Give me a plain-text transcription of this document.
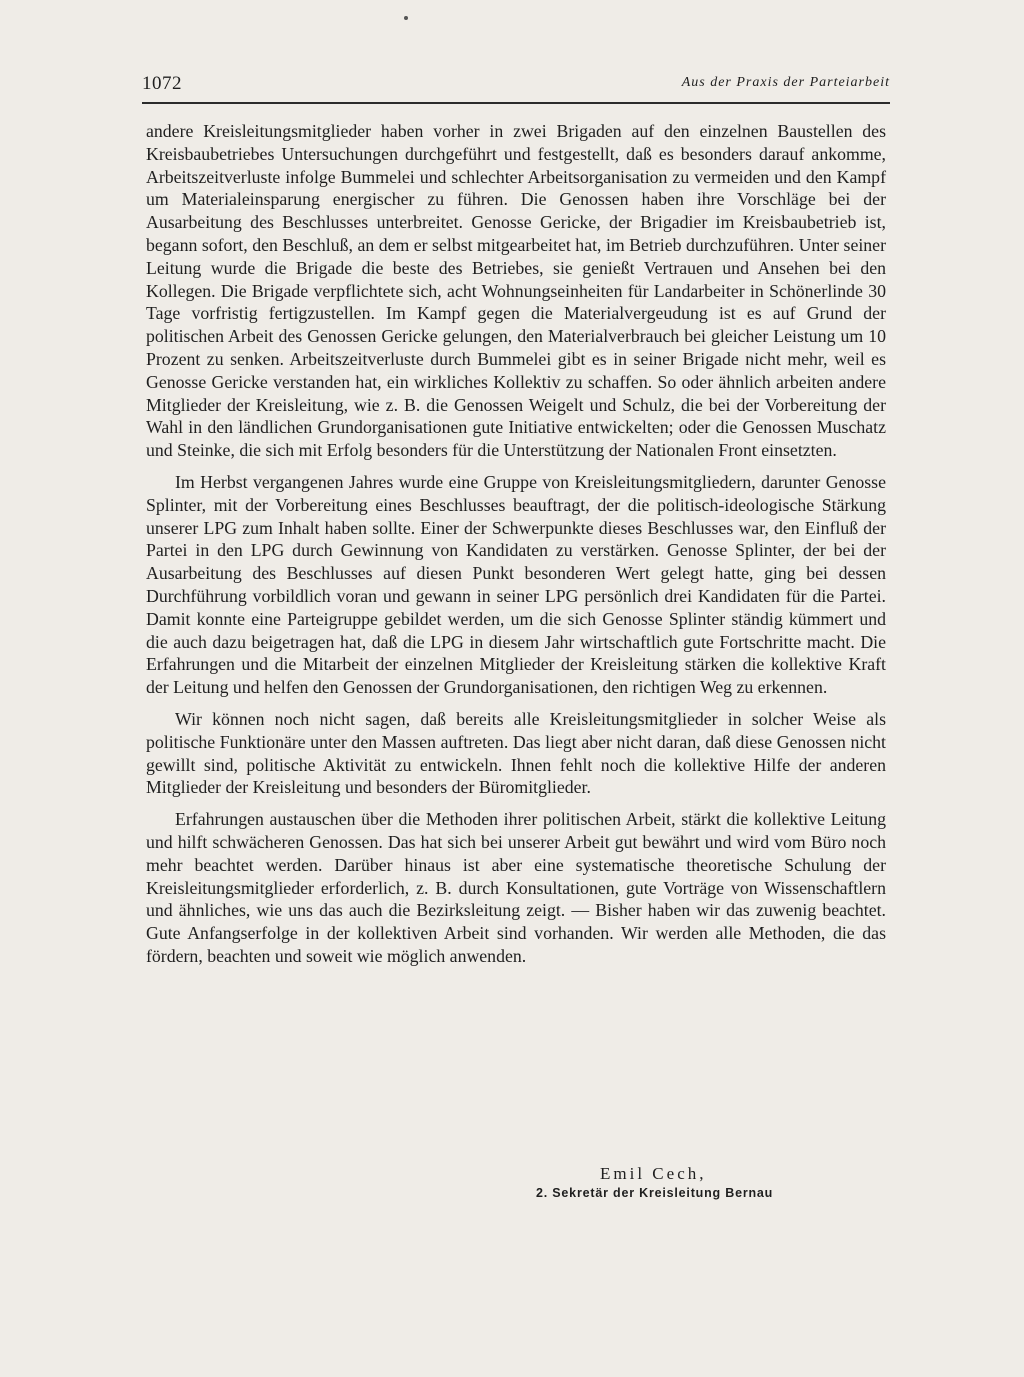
1072	Aus der Praxis der Parteiarbeit

andere Kreisleitungsmitglieder haben vorher in zwei Brigaden auf den einzelnen Baustellen des Kreisbaubetriebes Untersuchungen durchgeführt und festgestellt, daß es besonders darauf ankomme, Arbeitszeitverluste infolge Bummelei und schlechter Arbeitsorganisation zu vermeiden und den Kampf um Materialeinsparung energischer zu führen. Die Genossen haben ihre Vorschläge bei der Ausarbeitung des Beschlusses unterbreitet. Genosse Gericke, der Brigadier im Kreisbaubetrieb ist, begann sofort, den Beschluß, an dem er selbst mitgearbeitet hat, im Betrieb durchzuführen. Unter seiner Leitung wurde die Brigade die beste des Betriebes, sie genießt Vertrauen und Ansehen bei den Kollegen. Die Brigade verpflichtete sich, acht Wohnungseinheiten für Landarbeiter in Schönerlinde 30 Tage vorfristig fertigzustellen. Im Kampf gegen die Materialvergeudung ist es auf Grund der politischen Arbeit des Genossen Gericke gelungen, den Materialverbrauch bei gleicher Leistung um 10 Prozent zu senken. Arbeitszeitverluste durch Bummelei gibt es in seiner Brigade nicht mehr, weil es Genosse Gericke verstanden hat, ein wirkliches Kollektiv zu schaffen. So oder ähnlich arbeiten andere Mitglieder der Kreisleitung, wie z. B. die Genossen Weigelt und Schulz, die bei der Vorbereitung der Wahl in den ländlichen Grundorganisationen gute Initiative entwickelten; oder die Genossen Muschatz und Steinke, die sich mit Erfolg besonders für die Unterstützung der Nationalen Front einsetzten.

Im Herbst vergangenen Jahres wurde eine Gruppe von Kreisleitungsmitgliedern, darunter Genosse Splinter, mit der Vorbereitung eines Beschlusses beauftragt, der die politisch-ideologische Stärkung unserer LPG zum Inhalt haben sollte. Einer der Schwerpunkte dieses Beschlusses war, den Einfluß der Partei in den LPG durch Gewinnung von Kandidaten zu verstärken. Genosse Splinter, der bei der Ausarbeitung des Beschlusses auf diesen Punkt besonderen Wert gelegt hatte, ging bei dessen Durchführung vorbildlich voran und gewann in seiner LPG persönlich drei Kandidaten für die Partei. Damit konnte eine Parteigruppe gebildet werden, um die sich Genosse Splinter ständig kümmert und die auch dazu beigetragen hat, daß die LPG in diesem Jahr wirtschaftlich gute Fortschritte macht. Die Erfahrungen und die Mitarbeit der einzelnen Mitglieder der Kreisleitung stärken die kollektive Kraft der Leitung und helfen den Genossen der Grundorganisationen, den richtigen Weg zu erkennen.

Wir können noch nicht sagen, daß bereits alle Kreisleitungsmitglieder in solcher Weise als politische Funktionäre unter den Massen auftreten. Das liegt aber nicht daran, daß diese Genossen nicht gewillt sind, politische Aktivität zu entwickeln. Ihnen fehlt noch die kollektive Hilfe der anderen Mitglieder der Kreisleitung und besonders der Büromitglieder.

Erfahrungen austauschen über die Methoden ihrer politischen Arbeit, stärkt die kollektive Leitung und hilft schwächeren Genossen. Das hat sich bei unserer Arbeit gut bewährt und wird vom Büro noch mehr beachtet werden. Darüber hinaus ist aber eine systematische theoretische Schulung der Kreisleitungsmitglieder erforderlich, z. B. durch Konsultationen, gute Vorträge von Wissenschaftlern und ähnliches, wie uns das auch die Bezirksleitung zeigt. — Bisher haben wir das zuwenig beachtet. Gute Anfangserfolge in der kollektiven Arbeit sind vorhanden. Wir werden alle Methoden, die das fördern, beachten und soweit wie möglich anwenden.

Emil Cech,
2. Sekretär der Kreisleitung Bernau
